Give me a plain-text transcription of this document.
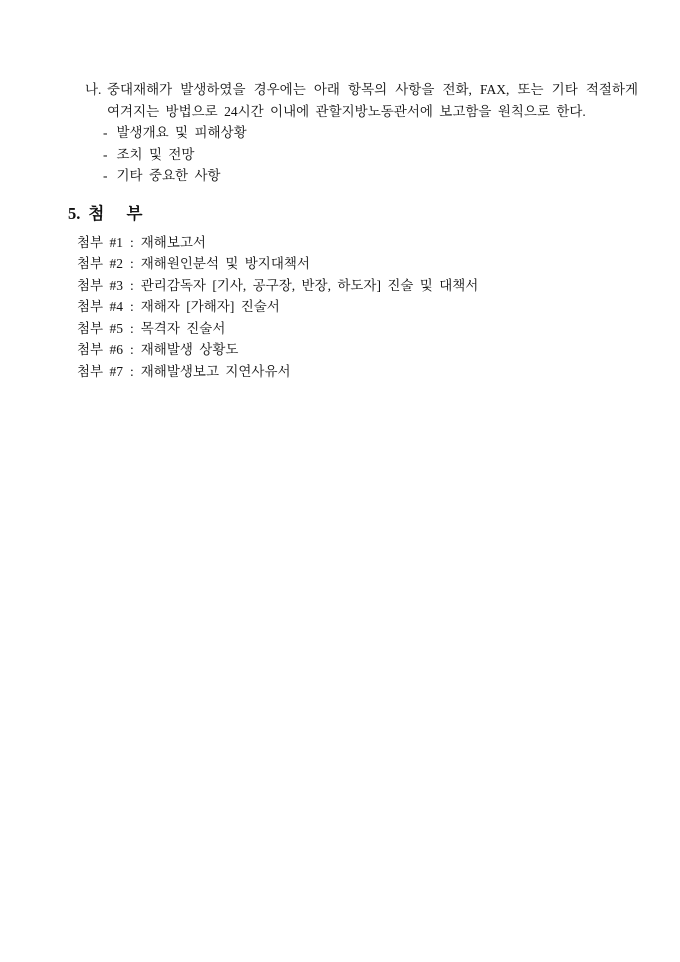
나. 중대재해가 발생하였을 경우에는 아래 항목의 사항을 전화, FAX, 또는 기타 적절하게 여겨지는 방법으로 24시간 이내에 관할지방노동관서에 보고함을 원칙으로 한다.
- 발생개요 및 피해상황
- 조치 및 전망
- 기타 중요한 사항
5. 첨 부
첨부 #1 : 재해보고서
첨부 #2 : 재해원인분석 및 방지대책서
첨부 #3 : 관리감독자 [기사, 공구장, 반장, 하도자] 진술 및 대책서
첨부 #4 : 재해자 [가해자] 진술서
첨부 #5 : 목격자 진술서
첨부 #6 : 재해발생 상황도
첨부 #7 : 재해발생보고 지연사유서
